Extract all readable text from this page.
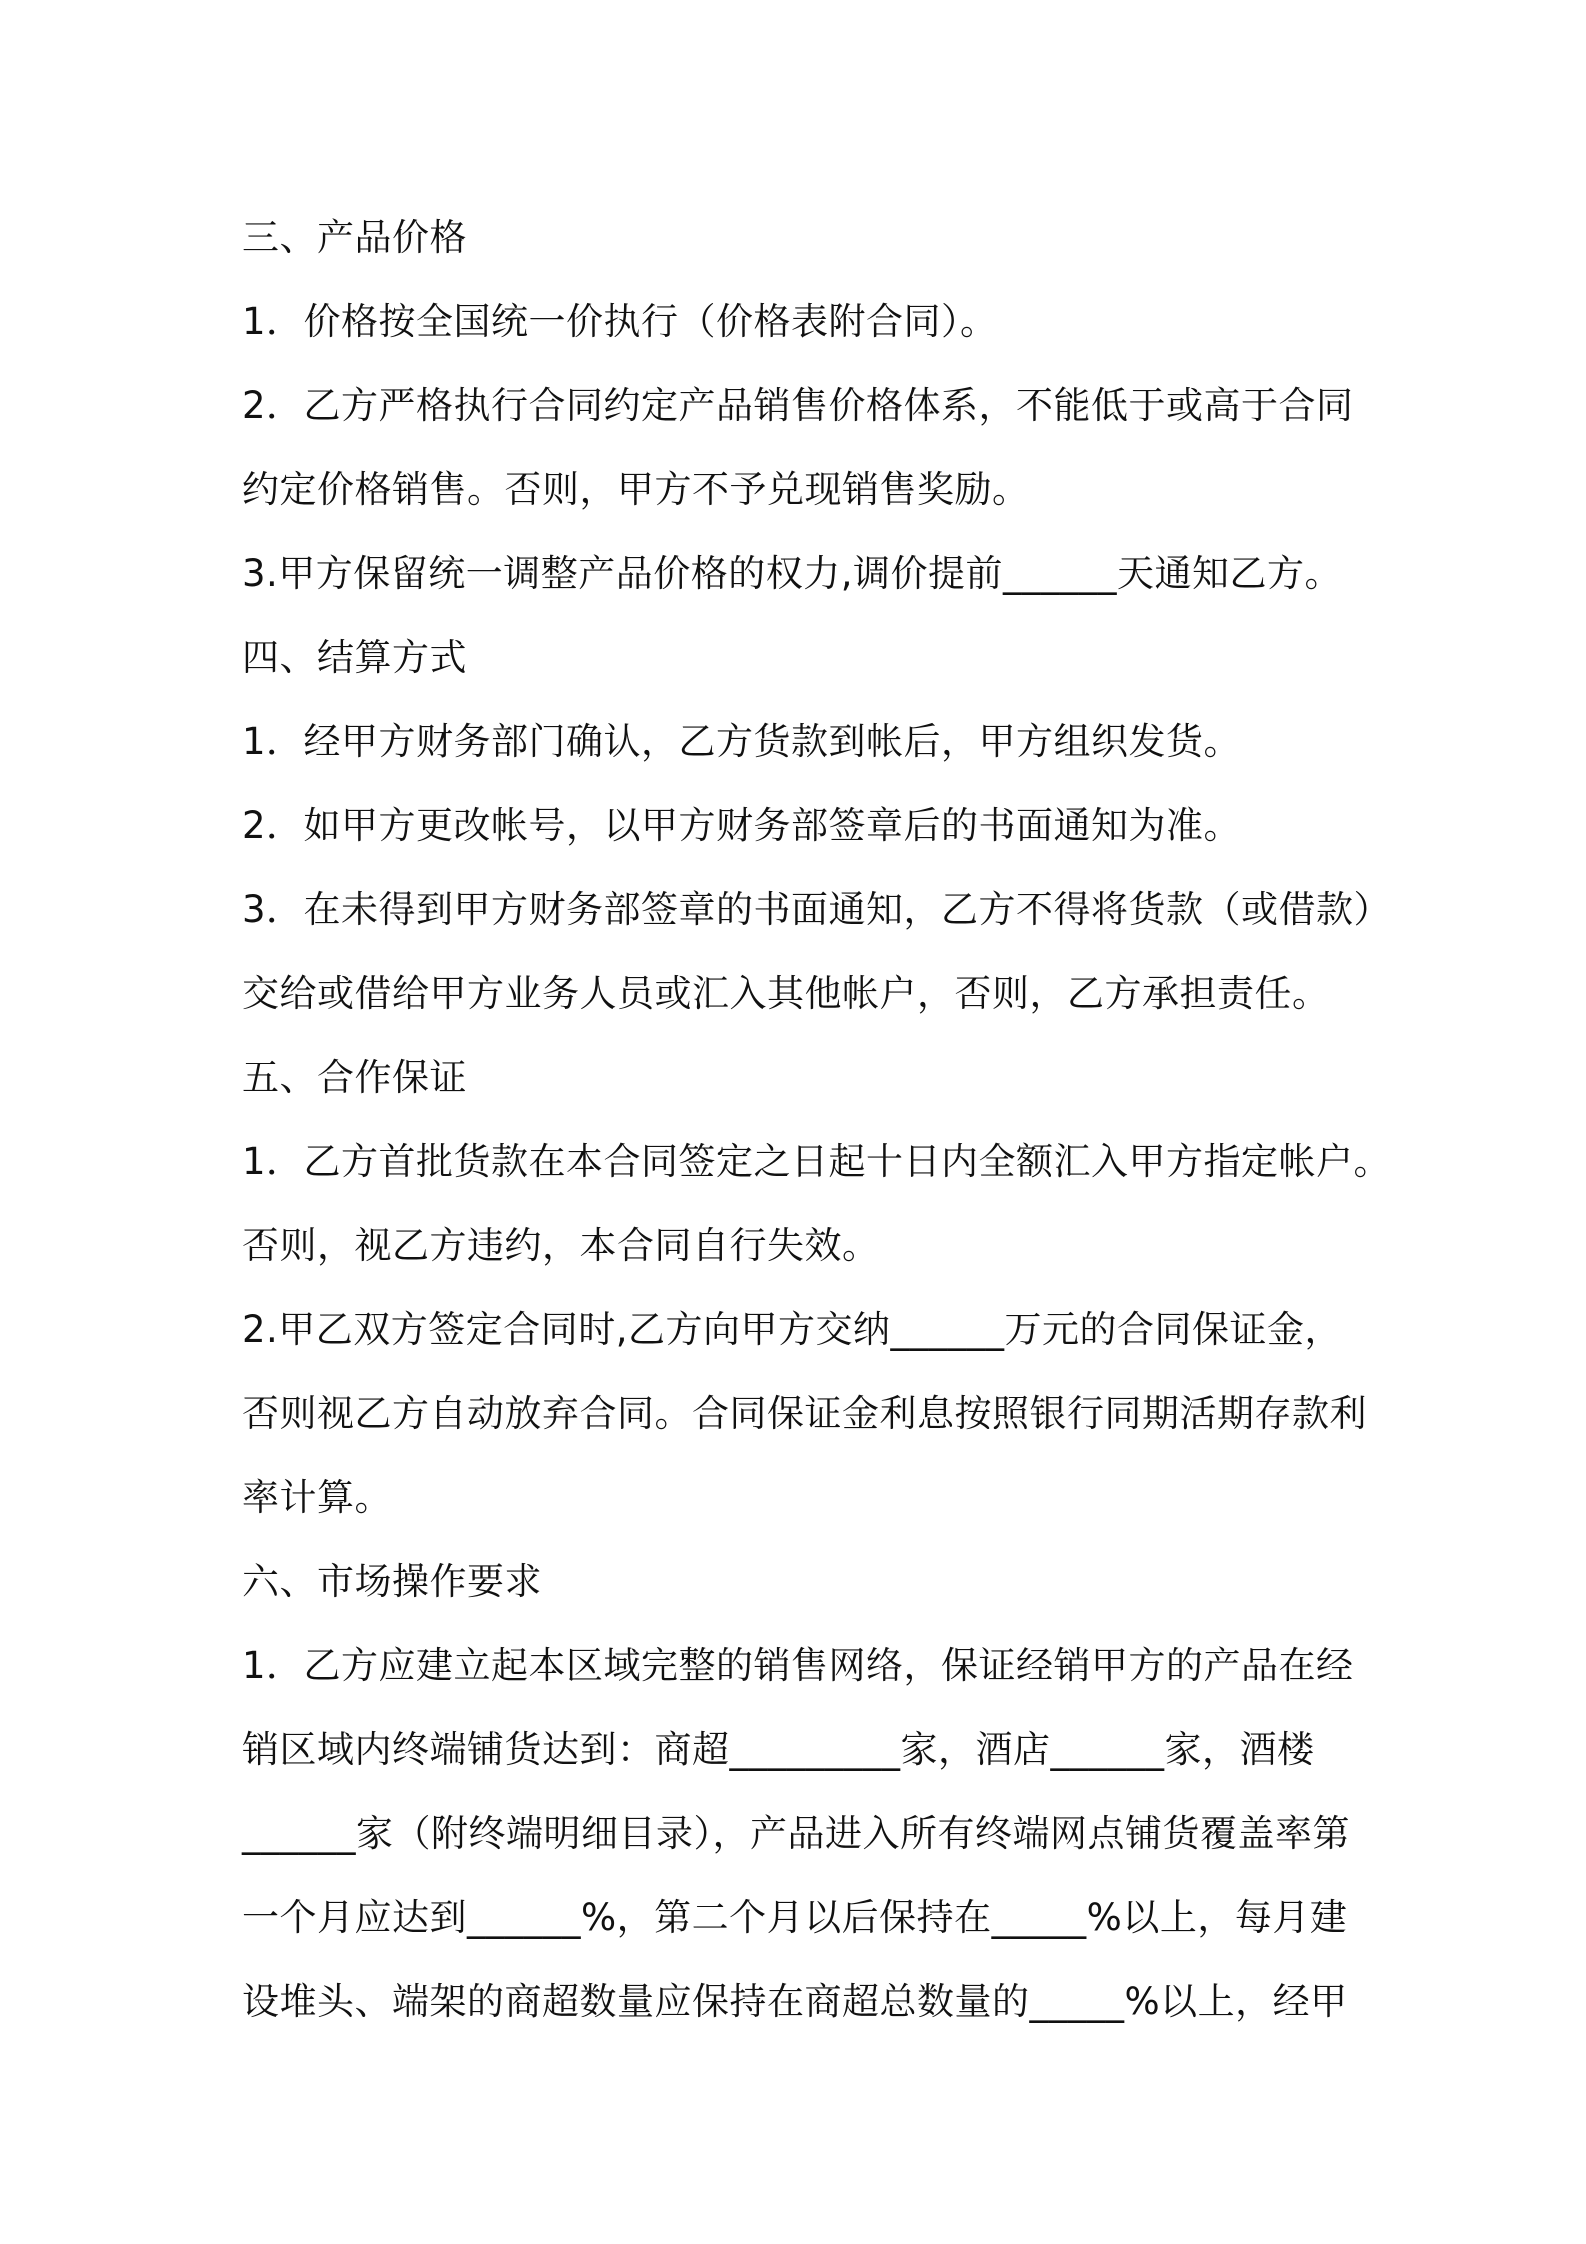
三、产品价格
1．价格按全国统一价执行（价格表附合同）。
2．乙方严格执行合同约定产品销售价格体系，不能低于或高于合同
约定价格销售。否则，甲方不予兑现销售奖励。
3.甲方保留统一调整产品价格的权力,调价提前______天通知乙方。
四、结算方式
1．经甲方财务部门确认，乙方货款到帐后，甲方组织发货。
2．如甲方更改帐号，以甲方财务部签章后的书面通知为准。
3．在未得到甲方财务部签章的书面通知，乙方不得将货款（或借款）
交给或借给甲方业务人员或汇入其他帐户，否则，乙方承担责任。
五、合作保证
1．乙方首批货款在本合同签定之日起十日内全额汇入甲方指定帐户。
否则，视乙方违约，本合同自行失效。
2.甲乙双方签定合同时,乙方向甲方交纳______万元的合同保证金，
否则视乙方自动放弃合同。合同保证金利息按照银行同期活期存款利
率计算。
六、市场操作要求
1．乙方应建立起本区域完整的销售网络，保证经销甲方的产品在经
销区域内终端铺货达到：商超_________家，酒店______家，酒楼
______家（附终端明细目录），产品进入所有终端网点铺货覆盖率第
一个月应达到______%，第二个月以后保持在_____%以上，每月建
设堆头、端架的商超数量应保持在商超总数量的_____%以上，经甲
